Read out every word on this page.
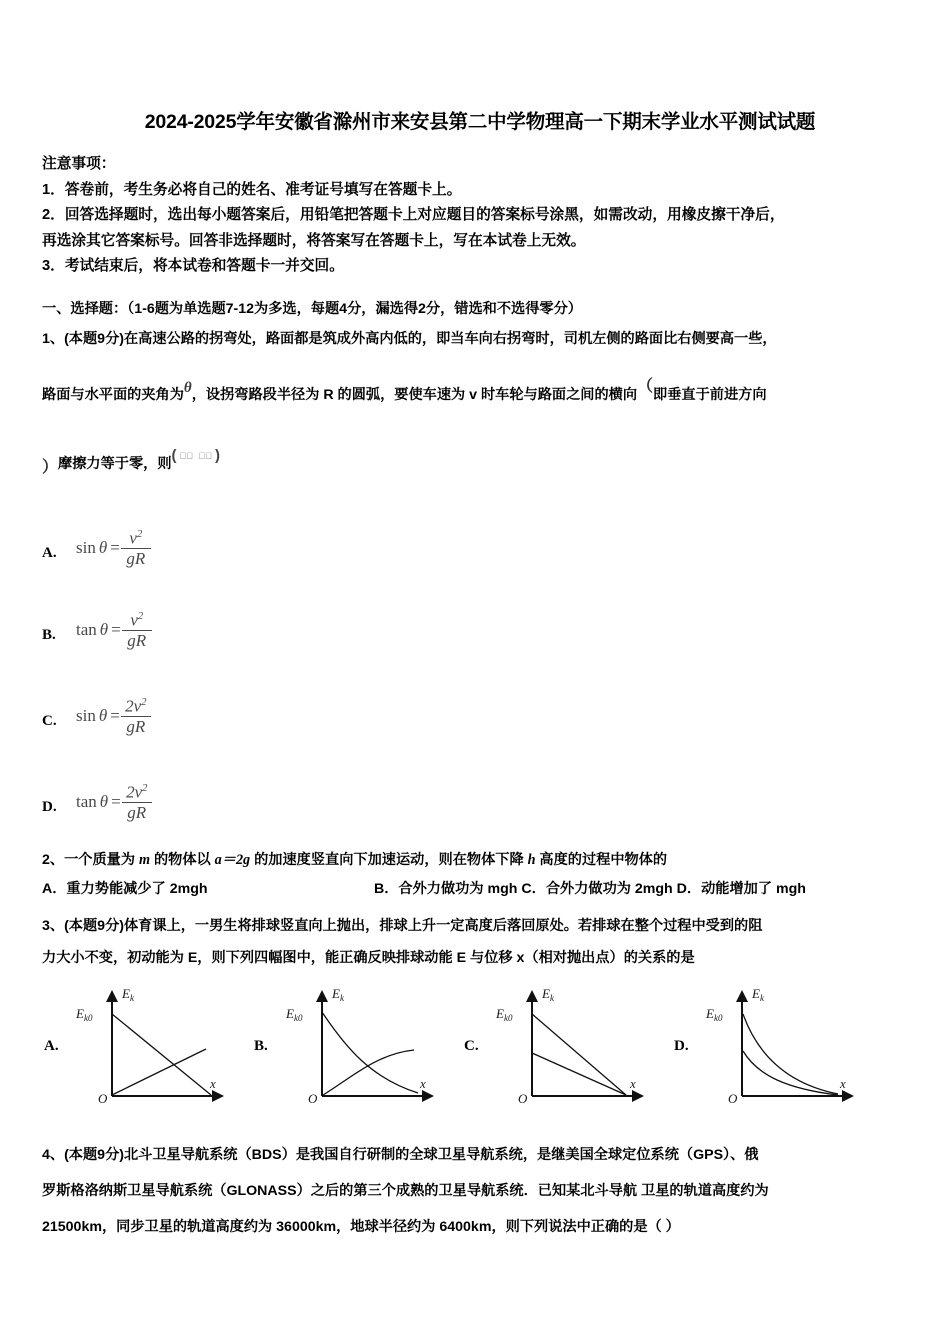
2024-2025学年安徽省滁州市来安县第二中学物理高一下期末学业水平测试试题
注意事项：
1．答卷前，考生务必将自己的姓名、准考证号填写在答题卡上。
2．回答选择题时，选出每小题答案后，用铅笔把答题卡上对应题目的答案标号涂黑，如需改动，用橡皮擦干净后，
再选涂其它答案标号。回答非选择题时，将答案写在答题卡上，写在本试卷上无效。
3．考试结束后，将本试卷和答题卡一并交回。
一、选择题：（1-6题为单选题7-12为多选，每题4分，漏选得2分，错选和不选得零分）
1、(本题9分)在高速公路的拐弯处，路面都是筑成外高内低的，即当车向右拐弯时，司机左侧的路面比右侧要高一些，
路面与水平面的夹角为θ，设拐弯路段半径为 R 的圆弧，要使车速为 v 时车轮与路面之间的横向（即垂直于前进方向
）摩擦力等于零，则(⋅⃒ ⃒⃒)
A. $\sin \theta = \frac{v^2}{gR}$
B. $\tan \theta = \frac{v^2}{gR}$
C. $\sin \theta = \frac{2v^2}{gR}$
D. $\tan \theta = \frac{2v^2}{gR}$
2、一个质量为 m 的物体以 a＝2g 的加速度竖直向下加速运动，则在物体下降 h 高度的过程中物体的
A．重力势能减少了 2mgh	B．合外力做功为 mgh C．合外力做功为 2mgh D．动能增加了 mgh
3、(本题9分)体育课上，一男生将排球竖直向上抛出，排球上升一定高度后落回原处。若排球在整个过程中受到的阻
力大小不变，初动能为 E，则下列四幅图中，能正确反映排球动能 E 与位移 x（相对抛出点）的关系的是
A.
$E_k$
$E_{k0}$
x
O
B.
$E_k$
$E_{k0}$
x
O
C.
$E_k$
$E_{k0}$
x
O
D.
$E_k$
$E_{k0}$
x
O
4、(本题9分)北斗卫星导航系统（BDS）是我国自行研制的全球卫星导航系统，是继美国全球定位系统（GPS）、俄
罗斯格洛纳斯卫星导航系统（GLONASS）之后的第三个成熟的卫星导航系统．已知某北斗导航 卫星的轨道高度约为
21500km，同步卫星的轨道高度约为 36000km，地球半径约为 6400km，则下列说法中正确的是（ ）
